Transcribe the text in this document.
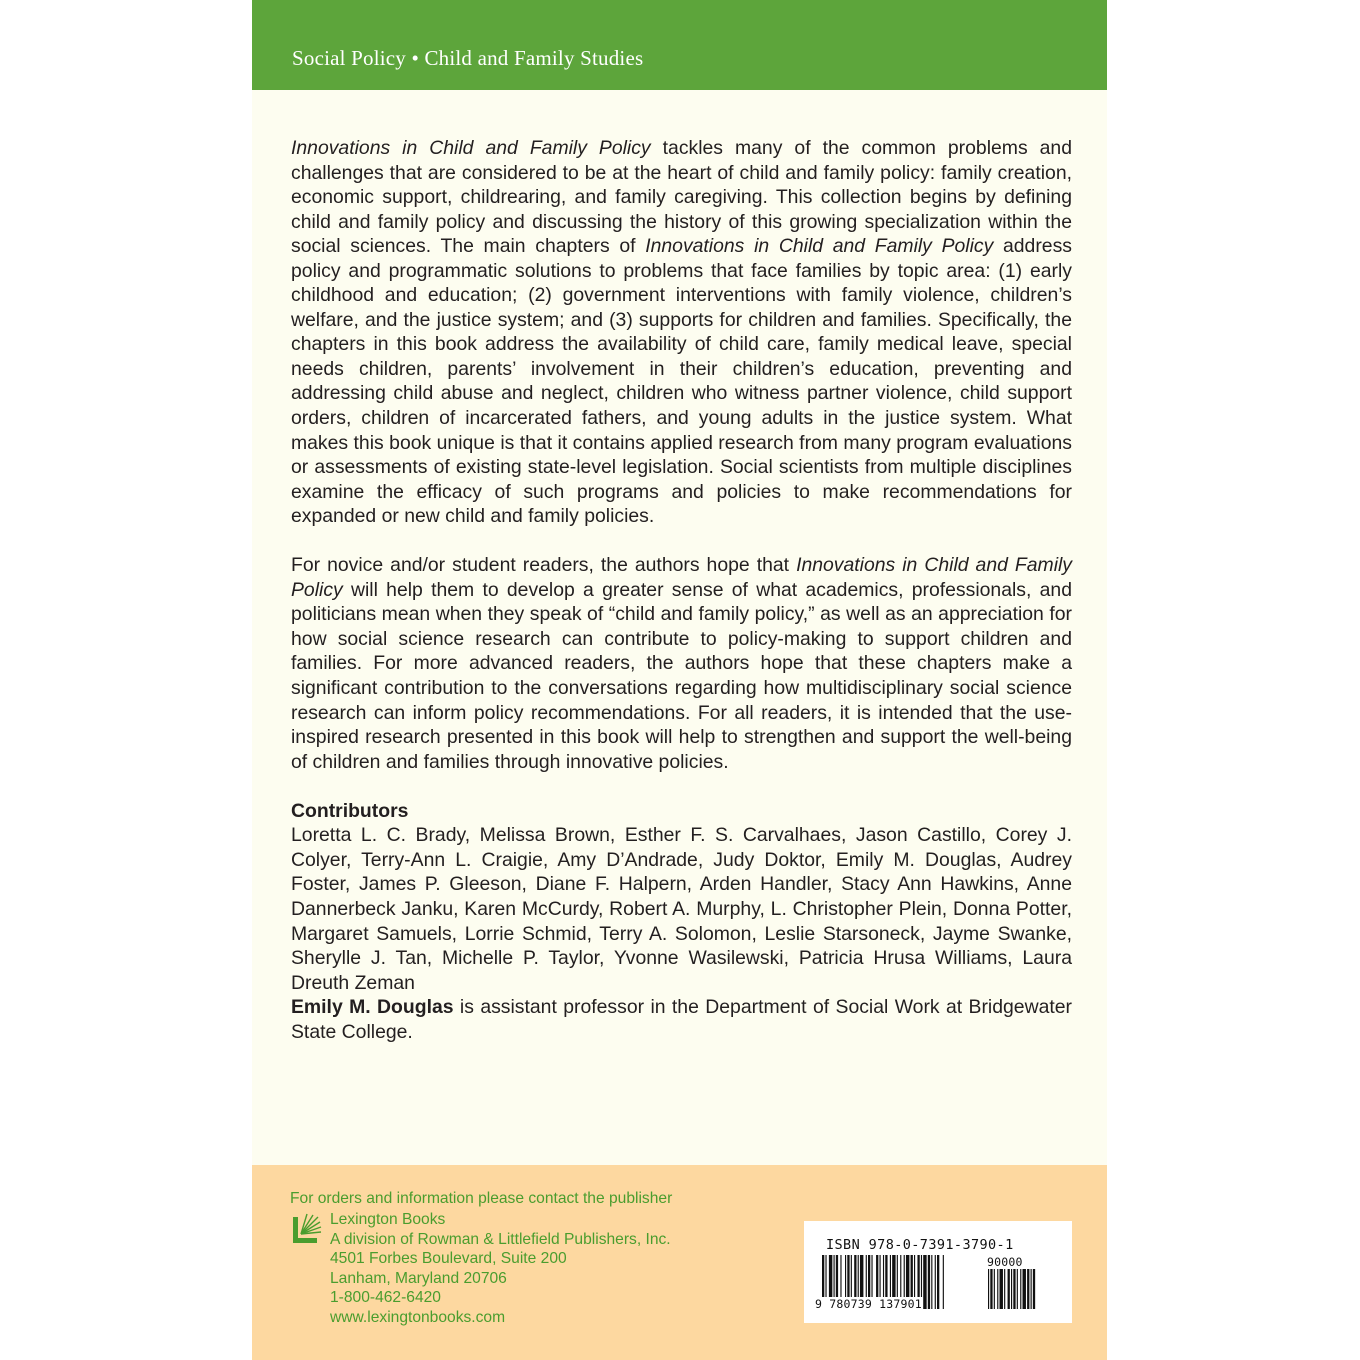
Social Policy • Child and Family Studies

Innovations in Child and Family Policy tackles many of the common problems and challenges that are considered to be at the heart of child and family policy: family creation, economic support, childrearing, and family caregiving. This collection begins by defining child and family policy and discussing the history of this growing specialization within the social sciences. The main chapters of Innovations in Child and Family Policy address policy and programmatic solutions to problems that face families by topic area: (1) early childhood and education; (2) government interventions with family violence, children’s welfare, and the justice system; and (3) supports for children and families. Specifically, the chapters in this book address the availability of child care, family medical leave, special needs children, parents’ involvement in their children’s education, preventing and addressing child abuse and neglect, children who witness partner violence, child support orders, children of incarcerated fathers, and young adults in the justice system. What makes this book unique is that it contains applied research from many program evaluations or assessments of existing state-level legislation. Social scientists from multiple disciplines examine the efficacy of such programs and policies to make recommendations for expanded or new child and family policies.

For novice and/or student readers, the authors hope that Innovations in Child and Family Policy will help them to develop a greater sense of what academics, professionals, and politicians mean when they speak of “child and family policy,” as well as an appreciation for how social science research can contribute to policy-making to support children and families. For more advanced readers, the authors hope that these chapters make a significant contribution to the conversations regarding how multidisciplinary social science research can inform policy recommendations. For all readers, it is intended that the use-inspired research presented in this book will help to strengthen and support the well-being of children and families through innovative policies.

Contributors

Loretta L. C. Brady, Melissa Brown, Esther F. S. Carvalhaes, Jason Castillo, Corey J. Colyer, Terry-Ann L. Craigie, Amy D’Andrade, Judy Doktor, Emily M. Douglas, Audrey Foster, James P. Gleeson, Diane F. Halpern, Arden Handler, Stacy Ann Hawkins, Anne Dannerbeck Janku, Karen McCurdy, Robert A. Murphy, L. Christopher Plein, Donna Potter, Margaret Samuels, Lorrie Schmid, Terry A. Solomon, Leslie Starsoneck, Jayme Swanke, Sherylle J. Tan, Michelle P. Taylor, Yvonne Wasilewski, Patricia Hrusa Williams, Laura Dreuth Zeman

Emily M. Douglas is assistant professor in the Department of Social Work at Bridgewater State College.

For orders and information please contact the publisher
Lexington Books
A division of Rowman & Littlefield Publishers, Inc.
4501 Forbes Boulevard, Suite 200
Lanham, Maryland 20706
1-800-462-6420
www.lexingtonbooks.com
ISBN 978-0-7391-3790-1
90000
9 780739 137901
